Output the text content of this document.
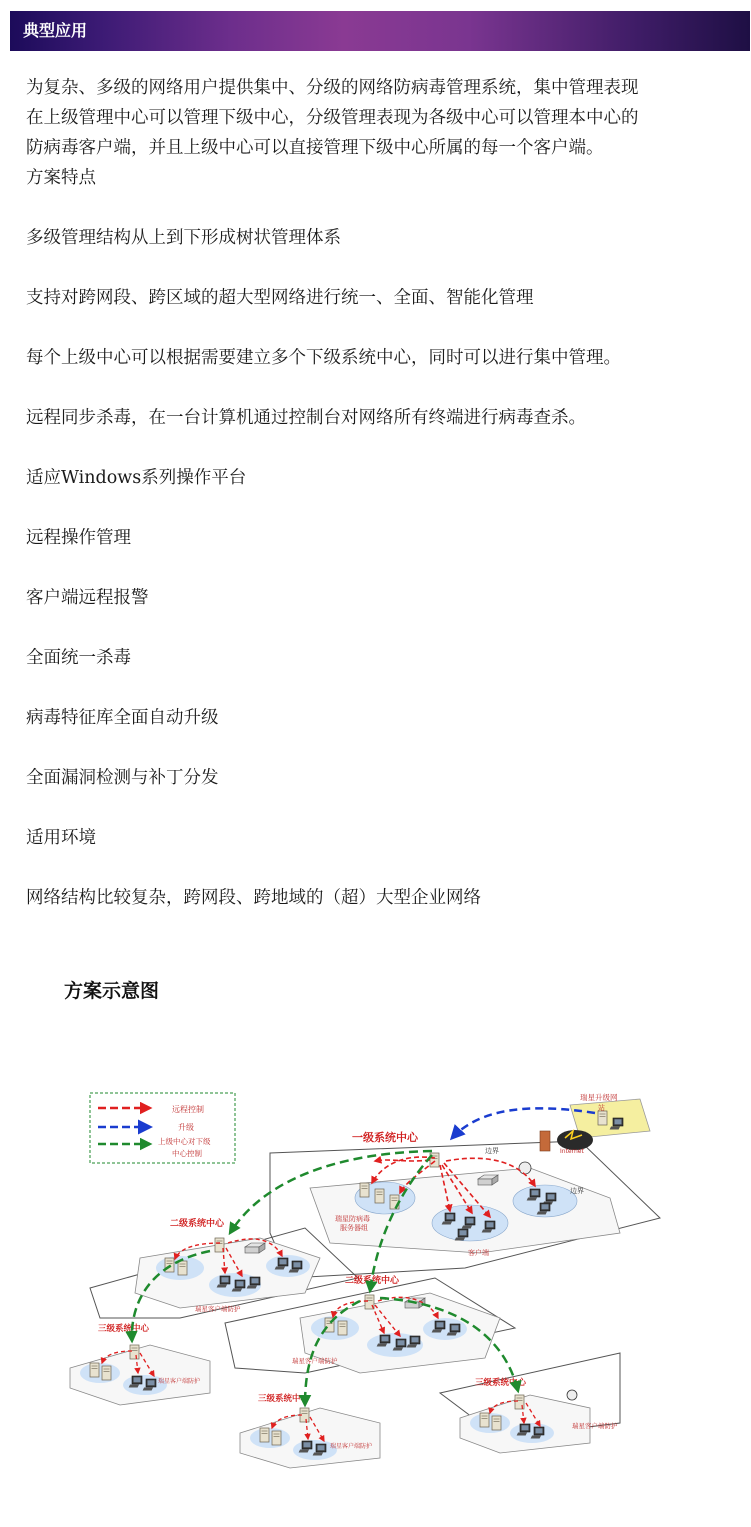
典型应用
为复杂、多级的网络用户提供集中、分级的网络防病毒管理系统，集中管理表现
在上级管理中心可以管理下级中心，分级管理表现为各级中心可以管理本中心的
防病毒客户端，并且上级中心可以直接管理下级中心所属的每一个客户端。
方案特点
多级管理结构从上到下形成树状管理体系
支持对跨网段、跨区域的超大型网络进行统一、全面、智能化管理
每个上级中心可以根据需要建立多个下级系统中心，同时可以进行集中管理。
远程同步杀毒，在一台计算机通过控制台对网络所有终端进行病毒查杀。
适应Windows系列操作平台
远程操作管理
客户端远程报警
全面统一杀毒
病毒特征库全面自动升级
全面漏洞检测与补丁分发
适用环境
网络结构比较复杂，跨网段、跨地域的（超）大型企业网络
方案示意图
远程控制
升级
上级中心对下级
中心控制
瑞星升级网
站
Internet
一级系统中心
瑞星防病毒
服务器组
客户端
边界
边界
二级系统中心
瑞星客户端防护
二级系统中心
瑞星客户端防护
三级系统中心
瑞星客户端防护
三级系统中心
瑞星客户端防护
三级系统中心
瑞星客户端防护
